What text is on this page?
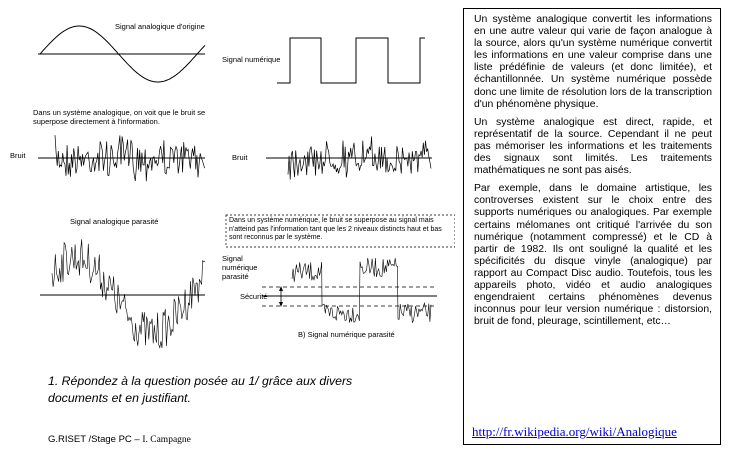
Signal analogique d'origine
Signal numérique
Dans un système analogique, on voit que le bruit se superpose directement à l'information.
Bruit	Bruit
Signal analogique parasité	Dans un système numérique, le bruit se superpose au signal mais n'atteind pas l'information tant que les 2 niveaux distincts haut et bas sont reconnus par le système.
Signal numérique parasité
Sécurité
B) Signal numérique parasité

Un système analogique convertit les informations en une autre valeur qui varie de façon analogue à la source, alors qu'un système numérique convertit les informations en une valeur comprise dans une liste prédéfinie de valeurs (et donc limitée), et échantillonnée. Un système numérique possède donc une limite de résolution lors de la transcription d'un phénomène physique.

Un système analogique est direct, rapide, et représentatif de la source. Cependant il ne peut pas mémoriser les informations et les traitements des signaux sont limités. Les traitements mathématiques ne sont pas aisés.

Par exemple, dans le domaine artistique, les controverses existent sur le choix entre des supports numériques ou analogiques. Par exemple certains mélomanes ont critiqué l'arrivée du son numérique (notamment compressé) et le CD à partir de 1982. Ils ont souligné la qualité et les spécificités du disque vinyle (analogique) par rapport au Compact Disc audio. Toutefois, tous les appareils photo, vidéo et audio analogiques engendraient certains phénomènes devenus inconnus pour leur version numérique : distorsion, bruit de fond, pleurage, scintillement, etc…

http://fr.wikipedia.org/wiki/Analogique
1. Répondez à la question posée au 1/ grâce aux divers documents et en justifiant.
G.RISET /Stage PC – I. Campagne
